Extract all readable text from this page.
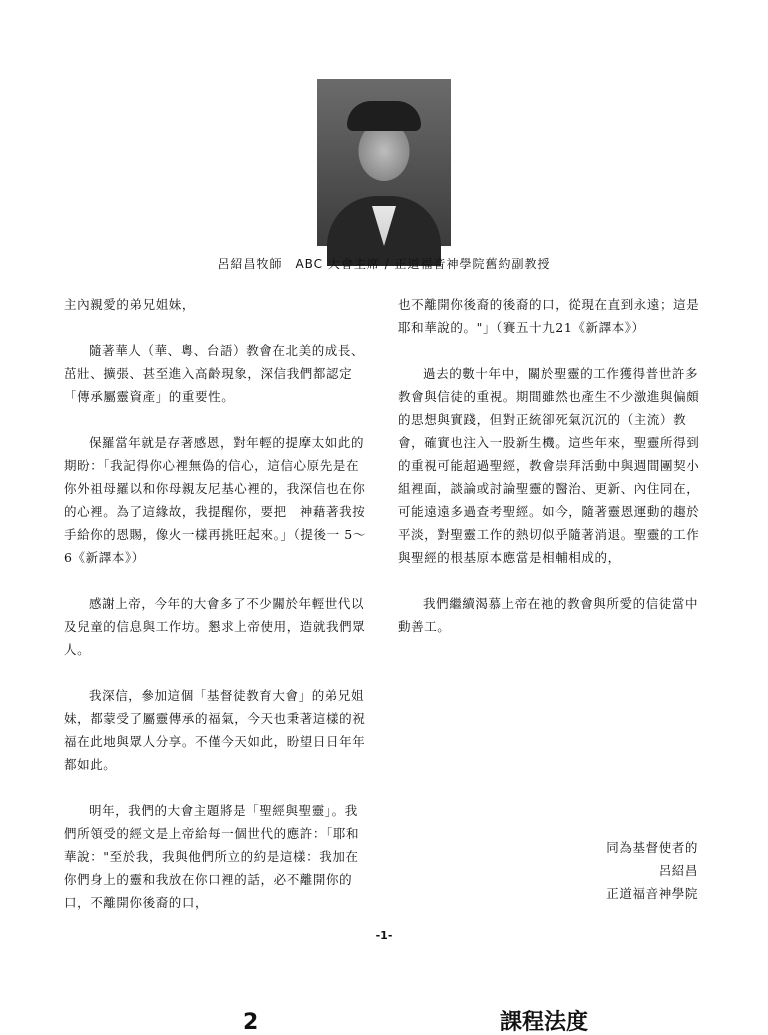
呂紹昌牧師　ABC 大會主席 / 正道福音神學院舊約副教授

主內親愛的弟兄姐妹，

隨著華人（華、粵、台語）教會在北美的成長、茁壯、擴張、甚至進入高齡現象，深信我們都認定「傳承屬靈資產」的重要性。

保羅當年就是存著感恩，對年輕的提摩太如此的期盼：「我記得你心裡無偽的信心，這信心原先是在你外祖母羅以和你母親友尼基心裡的，我深信也在你的心裡。為了這緣故，我提醒你，要把　神藉著我按手給你的恩賜，像火一樣再挑旺起來。」（提後一 5～6《新譯本》）

感謝上帝，今年的大會多了不少關於年輕世代以及兒童的信息與工作坊。懇求上帝使用，造就我們眾人。

我深信，參加這個「基督徒教育大會」的弟兄姐妹，都蒙受了屬靈傳承的福氣，今天也秉著這樣的祝福在此地與眾人分享。不僅今天如此，盼望日日年年都如此。

明年，我們的大會主題將是「聖經與聖靈」。我們所領受的經文是上帝給每一個世代的應許：「耶和華說："至於我，我與他們所立的約是這樣：我加在你們身上的靈和我放在你口裡的話，必不離開你的口，不離開你後裔的口，

也不離開你後裔的後裔的口，從現在直到永遠；這是耶和華說的。"」（賽五十九21《新譯本》）

過去的數十年中，關於聖靈的工作獲得普世許多教會與信徒的重視。期間雖然也產生不少激進與偏頗的思想與實踐，但對正統卻死氣沉沉的（主流）教會，確實也注入一股新生機。這些年來，聖靈所得到的重視可能超過聖經，教會崇拜活動中與週間團契小組裡面，談論或討論聖靈的醫治、更新、內住同在，可能遠遠多過查考聖經。如今，隨著靈恩運動的趨於平淡，對聖靈工作的熱切似乎隨著消退。聖靈的工作與聖經的根基原本應當是相輔相成的，

我們繼續渴慕上帝在祂的教會與所愛的信徒當中動善工。

同為基督使者的
呂紹昌
正道福音神學院
-1-
2	課程法度
